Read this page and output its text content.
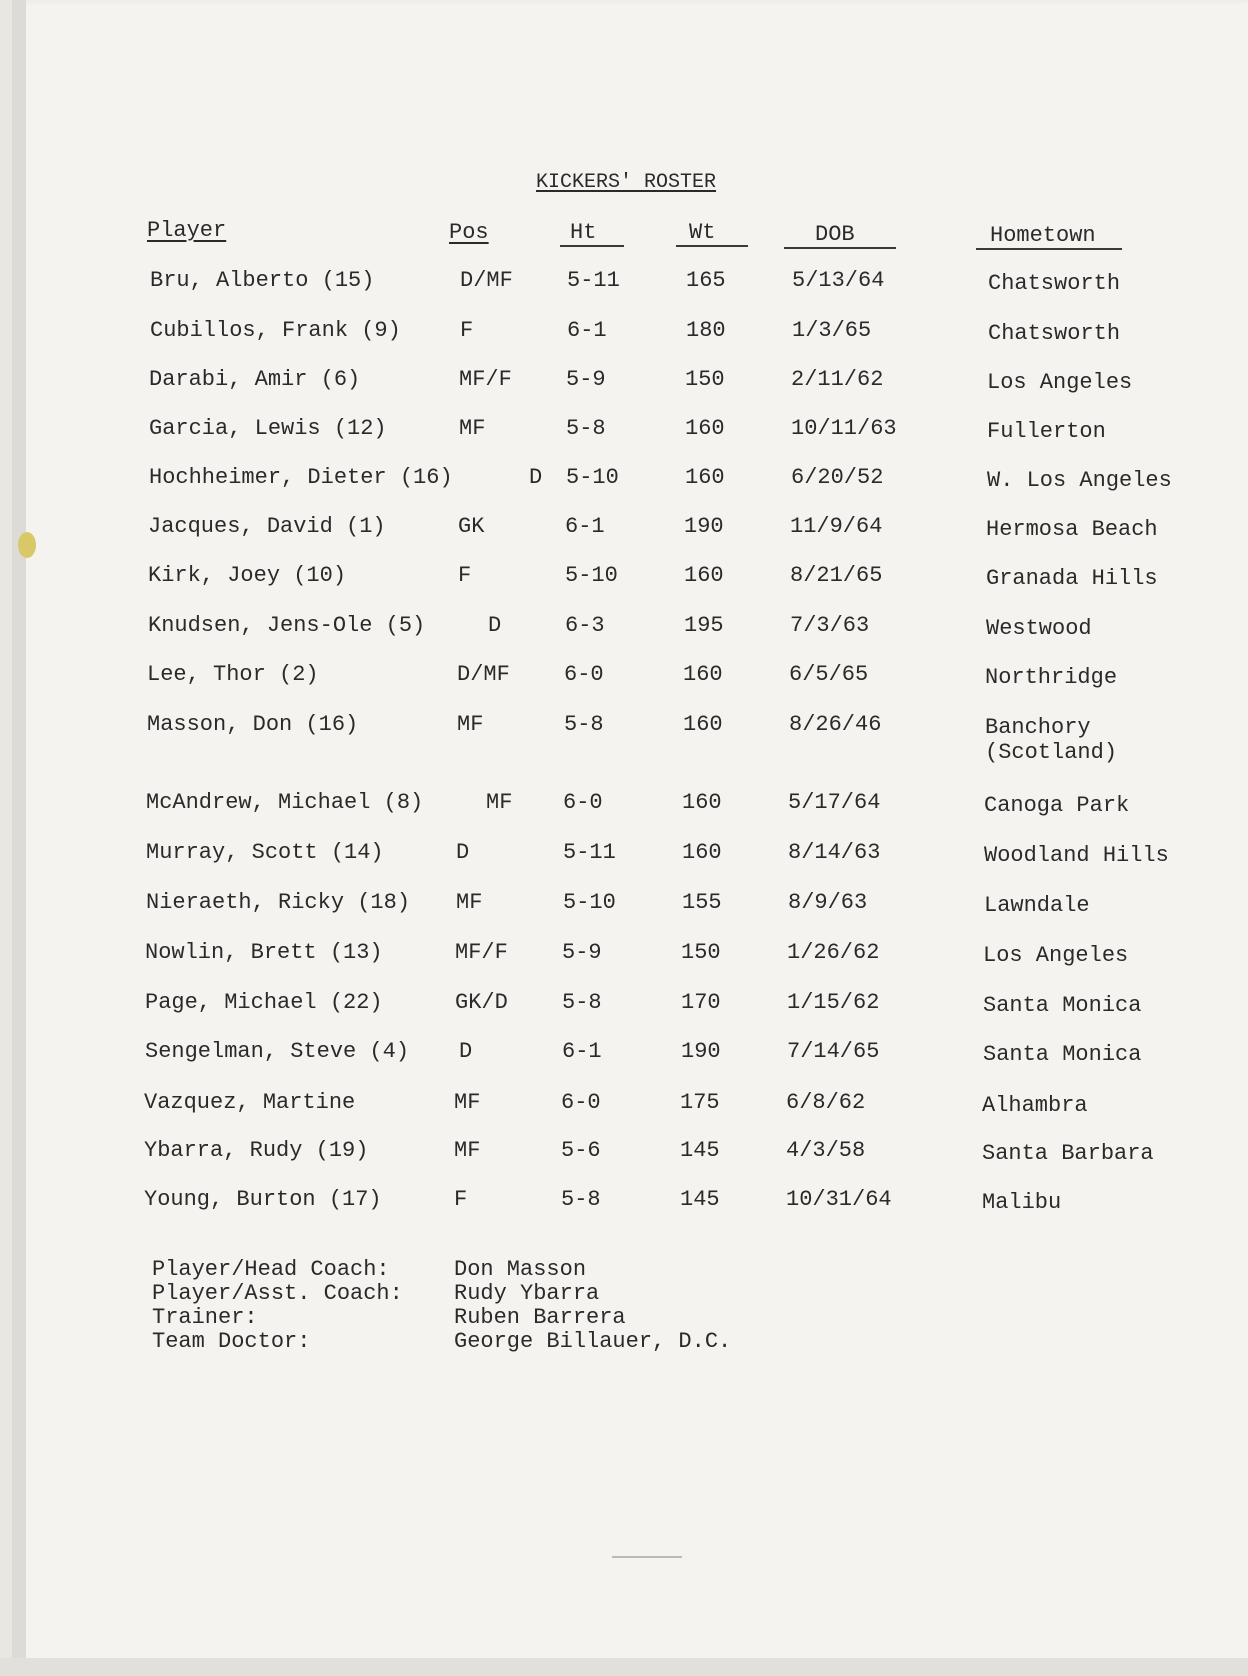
KICKERS' ROSTER
Player	Pos	Ht	Wt	DOB	Hometown
Bru, Alberto (15)	D/MF 5-11	165	5/13/64	Chatsworth
Cubillos, Frank (9)	F	6-1	180	1/3/65	Chatsworth
Darabi, Amir (6)	MF/F 5-9	150	2/11/62	Los Angeles
Garcia, Lewis (12)	MF	5-8	160	10/11/63	Fullerton
Hochheimer, Dieter (16)	D 5-10	160	6/20/52	W. Los Angeles
Jacques, David (1)	GK	6-1	190	11/9/64	Hermosa Beach
Kirk, Joey (10)	F	5-10	160	8/21/65	Granada Hills
Knudsen, Jens-Ole (5)	D	6-3	195	7/3/63	Westwood
Lee, Thor (2)	D/MF 6-0	160	6/5/65	Northridge
Masson, Don (16)	MF	5-8	160	8/26/46	Banchory
(Scotland)
McAndrew, Michael (8)	MF 6-0	160	5/17/64	Canoga Park
Murray, Scott (14)	D	5-11	160	8/14/63	Woodland Hills
Nieraeth, Ricky (18) MF	5-10	155	8/9/63	Lawndale
Nowlin, Brett (13)	MF/F 5-9	150	1/26/62	Los Angeles
Page, Michael (22)	GK/D 5-8	170	1/15/62	Santa Monica
Sengelman, Steve (4) D	6-1	190	7/14/65	Santa Monica
Vazquez, Martine	MF	6-0	175	6/8/62	Alhambra
Ybarra, Rudy (19)	MF	5-6	145	4/3/58	Santa Barbara
Young, Burton (17)	F	5-8	145	10/31/64	Malibu
Player/Head Coach:	Don Masson
Player/Asst. Coach:	Rudy Ybarra
Trainer:	Ruben Barrera
Team Doctor:	George Billauer, D.C.
